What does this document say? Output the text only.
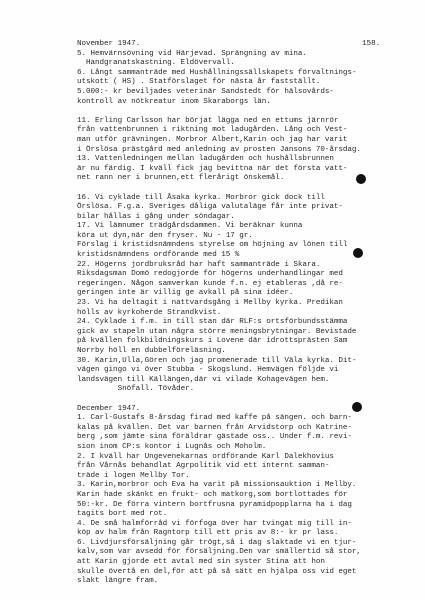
158.
November 1947.
5. Hemvärnsövning vid Härjevad. Sprängning av mina.
Handgranatskastning. Eldövervall.
6. Långt sammanträde med Hushållningssällskapets förvaltnings-
utskott ( HS) . Statförslaget för nästa år fastställt.
5.000:- kr beviljades veterinär Sandstedt för hälsovårds-
kontroll av nötkreatur inom Skaraborgs län.
11. Erling Carlsson har börjat lägga ned en ettums järnrör
från vattenbrunnen i riktning mot ladugården. Lång och Vest-
man utför grävningen. Morbror Albert,Karin och jag har varit
i Örslösa prästgård med anledning av prosten Jansons 70-årsdag.
13. Vattenledningen mellan ladugården och hushållsbrunnen
är nu färdig. I kväll fick jag bevittna när det första vatt-
net rann ner i brunnen,ett flerårigt önskemål.
16. Vi cyklade till Åsaka kyrka. Morbror gick dock till
Örslösa. F.g.a. Sveriges dåliga valutaläge får inte privat-
bilar hållas i gång under söndagar.
17. Vi lämnumer trädgårdsdammen. Vi beräknar kunna
köra ut dyn,när den fryser. Nu - 17 gr.
Förslag i kristidsnämndens styrelse om höjning av lönen till
kristidsnämndens ordförande med 15 %
22. Högerns jordbruksråd har haft sammanträde i Skara.
Riksdagsman Domö redogjorde för högerns underhandlingar med
regeringen. Någon samverkan kunde f.n. ej etableras ,då re-
geringen inte är villig ge avkall på sina idéer.
23. Vi ha deltagit i nattvardsgång i Mellby kyrka. Predikan
hölls av kyrkoherde Strandkvist.
24. Cyklade i f.m. in till stan där RLF:s ortsförbundsstämma
gick av stapeln utan några större meningsbrytningar. Bevistade
på kvällen folkbildningskurs i Lovene där idrottsprästen Sam
Norrby höll en dubbelföreläsning.
30. Karin,Ulla,Gören och jag promenerade till Väla kyrka. Dit-
vägen gingo vi över Stubba - Skogslund. Hemvägen följde vi
landsvägen till Källängen,där vi vilade Kohagevägen hem.
Snöfall. Tövåder.
December 1947.
1. Carl-Gustafs 8-årsdag firad med kaffe på sängen. och barn-
kalas på kvällen. Det var barnen från Arvidstorp och Katrine-
berg ,som jämte sina föräldrar gästade oss.. Under f.m. revi-
sion inom CP:s kontor i Lugnås och Moholm.
2. I kväll har Ungevenekarnas ordförande Karl Dalekhovius
från Vårnås behandlat Agrpolitik vid ett internt samman-
träde i logen Mellby Tor.
3. Karin,morbror och Eva ha varit på missionsauktion i Mellby.
Karin hade skänkt en frukt- och matkorg,som bortlottades för
50:-kr. De förra vintern bortfrusna pyramidpopplarna ha i dag
tagits bort med rot.
4. De små halmförråd vi förfoga över har tvingat mig till in-
köp av halm från Ragntorp till ett pris av 8:- kr pr lass.
6. Livdjursförsäljning går trögt,så i dag slaktade vi en tjur-
kalv,som var avsedd för försäljning.Den var smällertid så stor,
att Karin gjorde ett avtal med sin syster Stina att hon
skulle övertå en del,för att på så sätt en hjälpa oss vid eget
slakt längre fram.
